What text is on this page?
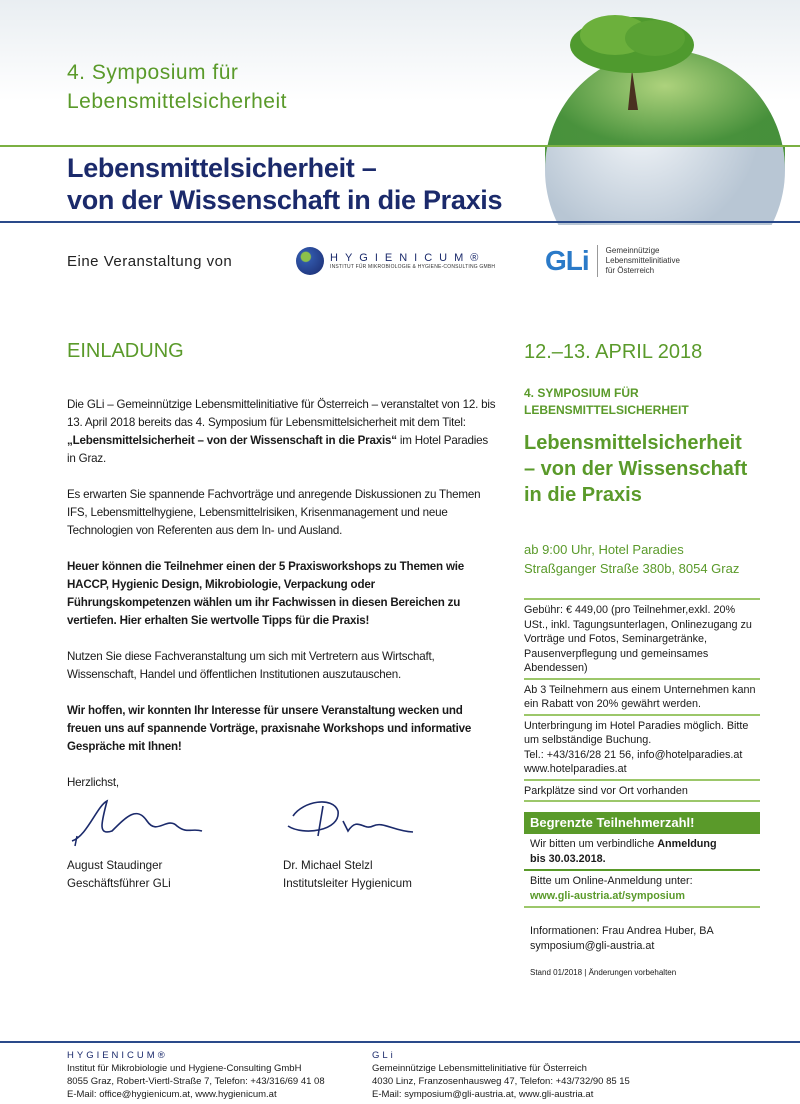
4. Symposium für
Lebensmittelsicherheit
Lebensmittelsicherheit –
von der Wissenschaft in die Praxis
Eine Veranstaltung von	HYGIENICUM®
INSTITUT FÜR MIKROBIOLOGIE & HYGIENE-CONSULTING GMBH GLi	Gemeinnützige
Lebensmittelinitiative
für Österreich
EINLADUNG

Die GLi – Gemeinnützige Lebensmittelinitiative für Österreich – veranstaltet von 12. bis 13. April 2018 bereits das 4. Symposium für Lebensmittelsicherheit mit dem Titel: „Lebensmittelsicherheit – von der Wissenschaft in die Praxis“ im Hotel Paradies in Graz.

Es erwarten Sie spannende Fachvorträge und anregende Diskussionen zu Themen IFS, Lebensmittelhygiene, Lebensmittelrisiken, Krisenmanagement und neue Technologien von Referenten aus dem In- und Ausland.

Heuer können die Teilnehmer einen der 5 Praxisworkshops zu Themen wie HACCP, Hygienic Design, Mikrobiologie, Verpackung oder Führungskompetenzen wählen um ihr Fachwissen in diesen Bereichen zu vertiefen. Hier erhalten Sie wertvolle Tipps für die Praxis!

Nutzen Sie diese Fachveranstaltung um sich mit Vertretern aus Wirtschaft, Wissenschaft, Handel und öffentlichen Institutionen auszutauschen.

Wir hoffen, wir konnten Ihr Interesse für unsere Veranstaltung wecken und freuen uns auf spannende Vorträge, praxisnahe Workshops und informative Gespräche mit Ihnen!

Herzlichst,

August Staudinger
Geschäftsführer GLi
Dr. Michael Stelzl
Institutsleiter Hygienicum
12.–13. APRIL 2018
4. SYMPOSIUM FÜR
LEBENSMITTELSICHERHEIT
Lebensmittelsicherheit
– von der Wissenschaft
in die Praxis
ab 9:00 Uhr, Hotel Paradies
Straßganger Straße 380b, 8054 Graz
Gebühr: € 449,00 (pro Teilnehmer,exkl. 20% USt., inkl. Tagungsunterlagen, Onlinezugang zu Vorträge und Fotos, Seminargetränke, Pausenverpflegung und gemeinsames Abendessen)
Ab 3 Teilnehmern aus einem Unternehmen kann ein Rabatt von 20% gewährt werden.
Unterbringung im Hotel Paradies möglich. Bitte um selbständige Buchung.
Tel.: +43/316/28 21 56, info@hotelparadies.at
www.hotelparadies.at
Parkplätze sind vor Ort vorhanden
Begrenzte Teilnehmerzahl!
Wir bitten um verbindliche Anmeldung
bis 30.03.2018.
Bitte um Online-Anmeldung unter:
www.gli-austria.at/symposium
Informationen: Frau Andrea Huber, BA
symposium@gli-austria.at
Stand 01/2018 | Änderungen vorbehalten
HYGIENICUM®
Institut für Mikrobiologie und Hygiene-Consulting GmbH
8055 Graz, Robert-Viertl-Straße 7, Telefon: +43/316/69 41 08
E-Mail: office@hygienicum.at, www.hygienicum.at
GLi
Gemeinnützige Lebensmittelinitiative für Österreich
4030 Linz, Franzosenhausweg 47, Telefon: +43/732/90 85 15
E-Mail: symposium@gli-austria.at, www.gli-austria.at
